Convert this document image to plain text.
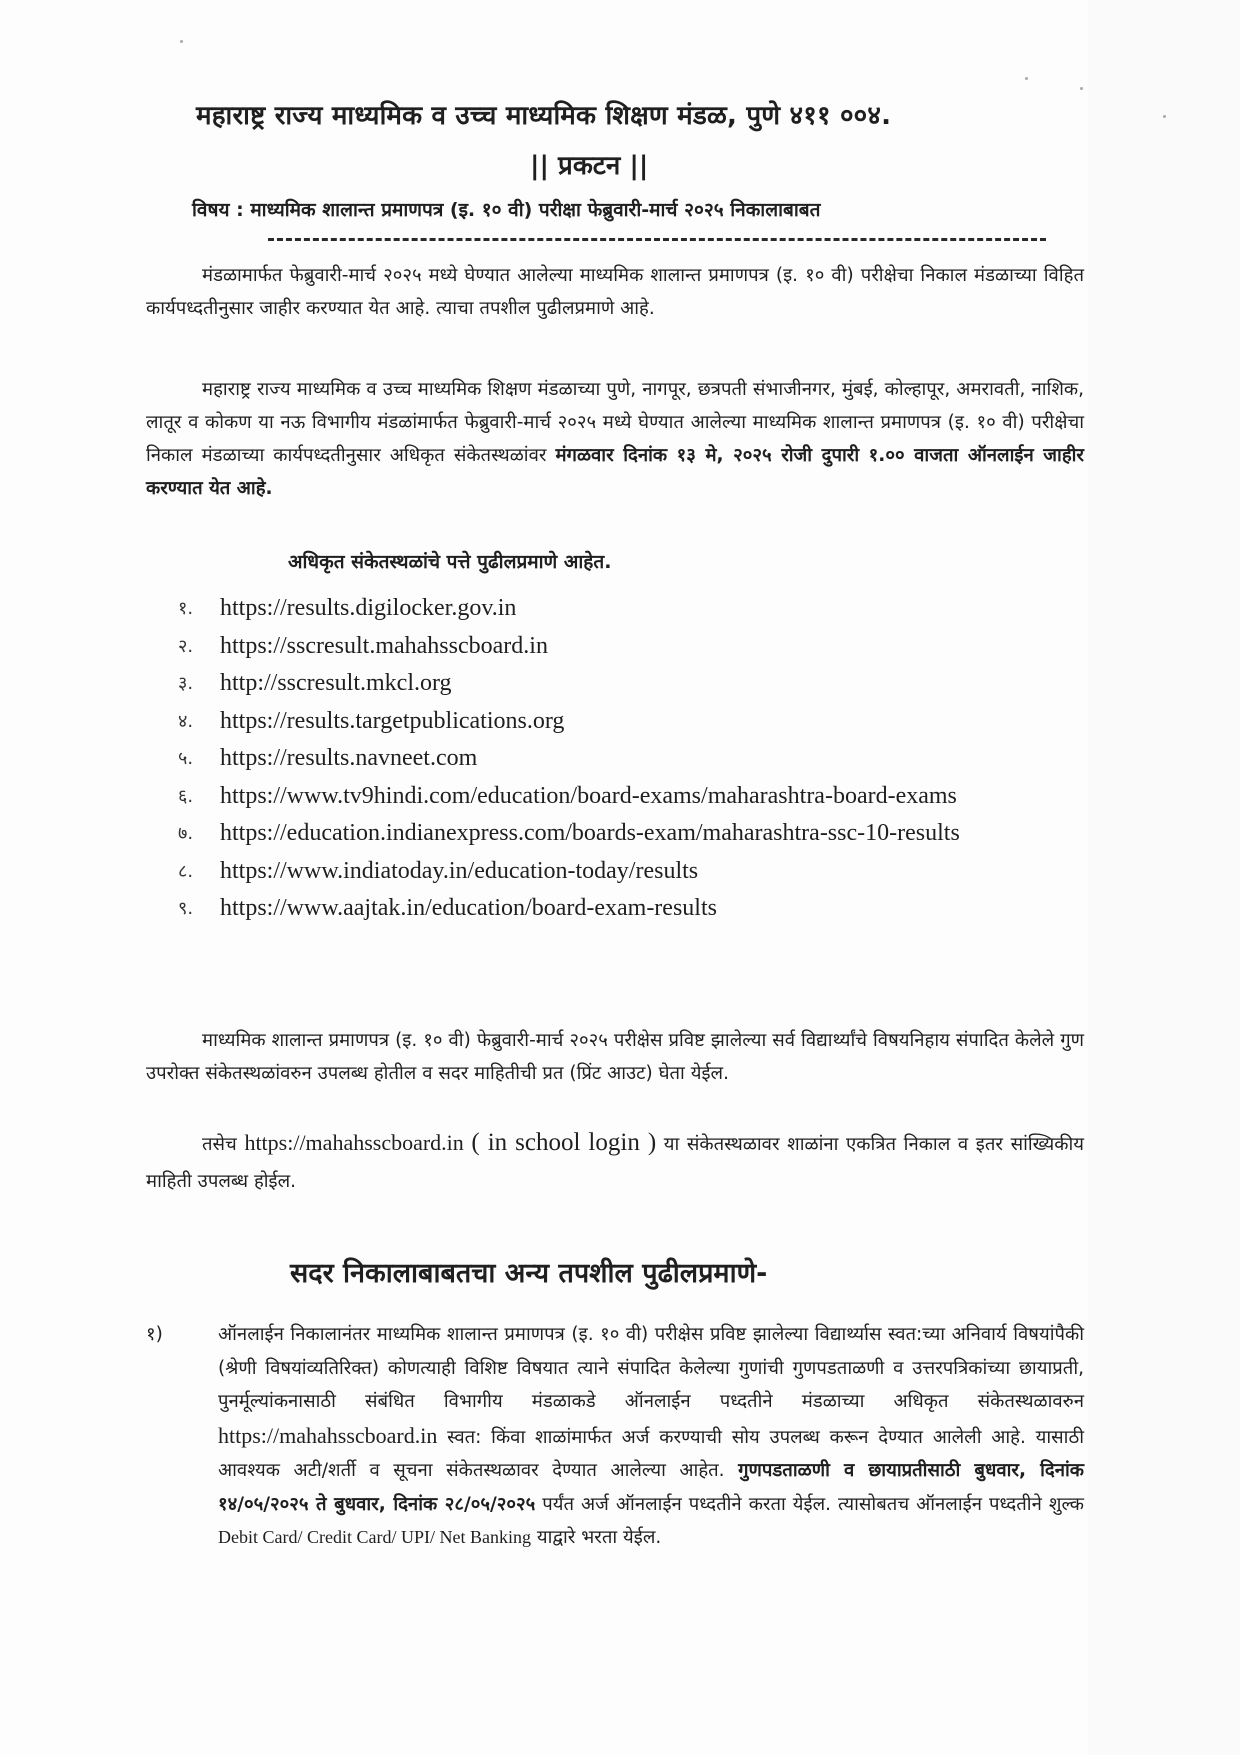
महाराष्ट्र राज्य माध्यमिक व उच्च माध्यमिक शिक्षण मंडळ, पुणे ४११ ००४.
|| प्रकटन ||
विषय : माध्यमिक शालान्त प्रमाणपत्र (इ. १० वी) परीक्षा फेब्रुवारी-मार्च २०२५ निकालाबाबत
मंडळामार्फत फेब्रुवारी-मार्च २०२५ मध्ये घेण्यात आलेल्या माध्यमिक शालान्त प्रमाणपत्र (इ. १० वी) परीक्षेचा निकाल मंडळाच्या विहित कार्यपध्दतीनुसार जाहीर करण्यात येत आहे. त्याचा तपशील पुढीलप्रमाणे आहे.
महाराष्ट्र राज्य माध्यमिक व उच्च माध्यमिक शिक्षण मंडळाच्या पुणे, नागपूर, छत्रपती संभाजीनगर, मुंबई, कोल्हापूर, अमरावती, नाशिक, लातूर व कोकण या नऊ विभागीय मंडळांमार्फत फेब्रुवारी-मार्च २०२५ मध्ये घेण्यात आलेल्या माध्यमिक शालान्त प्रमाणपत्र (इ. १० वी) परीक्षेचा निकाल मंडळाच्या कार्यपध्दतीनुसार अधिकृत संकेतस्थळांवर मंगळवार दिनांक १३ मे, २०२५ रोजी दुपारी १.०० वाजता ऑनलाईन जाहीर करण्यात येत आहे.
अधिकृत संकेतस्थळांचे पत्ते पुढीलप्रमाणे आहेत.
१.	https://results.digilocker.gov.in
२.	https://sscresult.mahahsscboard.in
३.	http://sscresult.mkcl.org
४.	https://results.targetpublications.org
५.	https://results.navneet.com
६.	https://www.tv9hindi.com/education/board-exams/maharashtra-board-exams
७.	https://education.indianexpress.com/boards-exam/maharashtra-ssc-10-results
८.	https://www.indiatoday.in/education-today/results
९.	https://www.aajtak.in/education/board-exam-results
माध्यमिक शालान्त प्रमाणपत्र (इ. १० वी) फेब्रुवारी-मार्च २०२५ परीक्षेस प्रविष्ट झालेल्या सर्व विद्यार्थ्यांचे विषयनिहाय संपादित केलेले गुण उपरोक्त संकेतस्थळांवरुन उपलब्ध होतील व सदर माहितीची प्रत (प्रिंट आउट) घेता येईल.
तसेच https://mahahsscboard.in ( in school login ) या संकेतस्थळावर शाळांना एकत्रित निकाल व इतर सांख्यिकीय माहिती उपलब्ध होईल.
सदर निकालाबाबतचा अन्य तपशील पुढीलप्रमाणे-
१)	ऑनलाईन निकालानंतर माध्यमिक शालान्त प्रमाणपत्र (इ. १० वी) परीक्षेस प्रविष्ट झालेल्या विद्यार्थ्यास स्वत:च्या अनिवार्य विषयांपैकी (श्रेणी विषयांव्यतिरिक्त) कोणत्याही विशिष्ट विषयात त्याने संपादित केलेल्या गुणांची गुणपडताळणी व उत्तरपत्रिकांच्या छायाप्रती, पुनर्मूल्यांकनासाठी संबंधित विभागीय मंडळाकडे ऑनलाईन पध्दतीने मंडळाच्या अधिकृत संकेतस्थळावरुन https://mahahsscboard.in स्वत: किंवा शाळांमार्फत अर्ज करण्याची सोय उपलब्ध करून देण्यात आलेली आहे. यासाठी आवश्यक अटी/शर्ती व सूचना संकेतस्थळावर देण्यात आलेल्या आहेत. गुणपडताळणी व छायाप्रतीसाठी बुधवार, दिनांक १४/०५/२०२५ ते बुधवार, दिनांक २८/०५/२०२५ पर्यंत अर्ज ऑनलाईन पध्दतीने करता येईल. त्यासोबतच ऑनलाईन पध्दतीने शुल्क Debit Card/ Credit Card/ UPI/ Net Banking याद्वारे भरता येईल.
